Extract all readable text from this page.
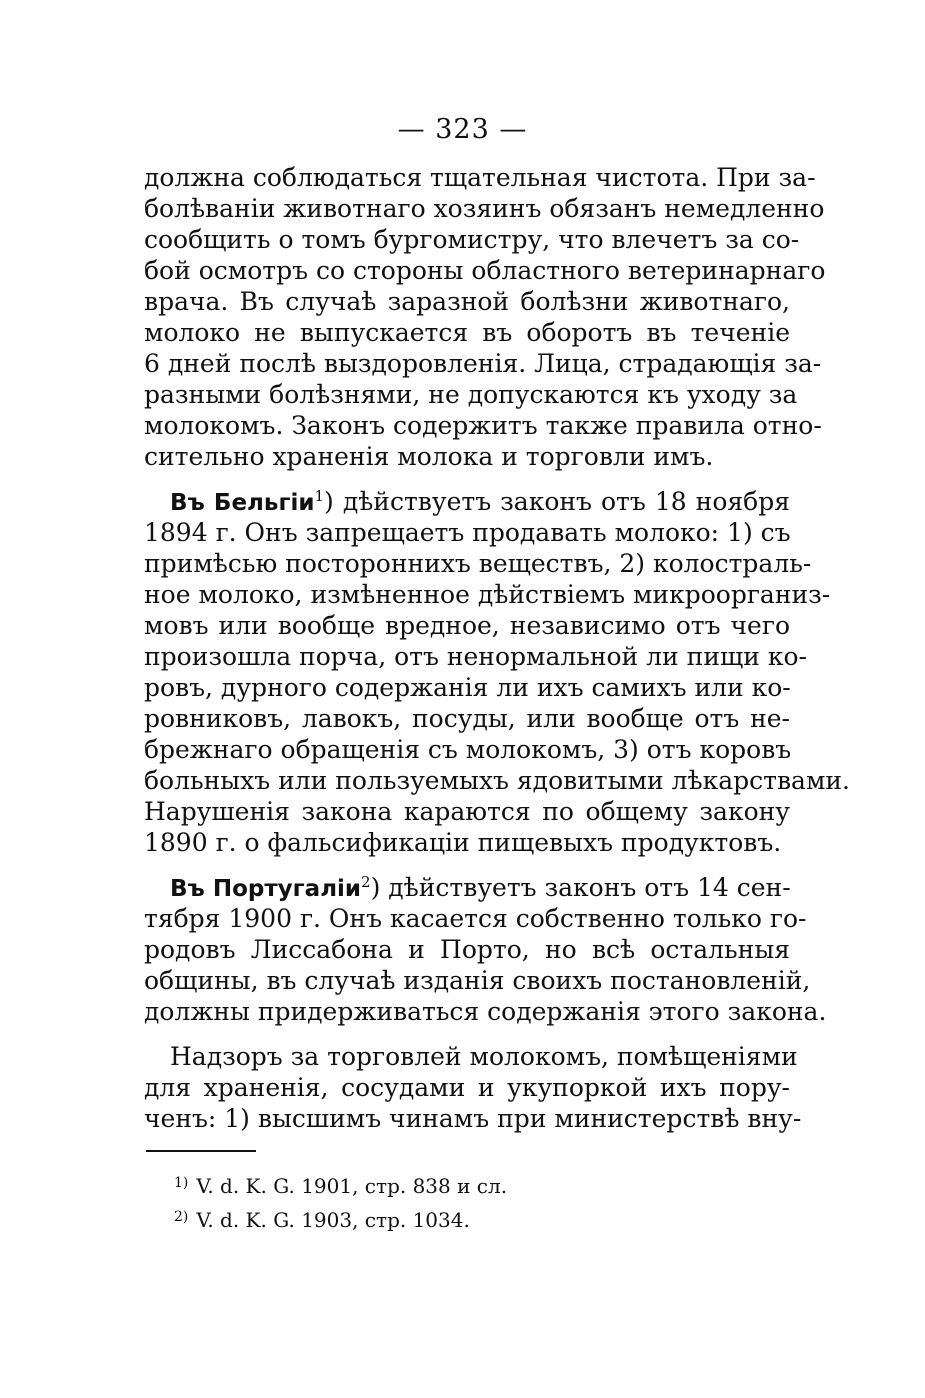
— 323 —
должна соблюдаться тщательная чистота. При за-
болѣванiи животнаго хозяинъ обязанъ немедленно
сообщить о томъ бургомистру, что влечетъ за со-
бой осмотръ со стороны областного ветеринарнаго
врача. Въ случаѣ заразной болѣзни животнаго,
молоко не выпускается въ оборотъ въ теченiе
6 дней послѣ выздоровленiя. Лица, страдающiя за-
разными болѣзнями, не допускаются къ уходу за
молокомъ. Законъ содержитъ также правила отно-
сительно храненiя молока и торговли имъ.
Въ Бельгiи$^1$) дѣйствуетъ законъ отъ 18 ноября
1894 г. Онъ запрещаетъ продавать молоко: 1) съ
примѣсью постороннихъ веществъ, 2) колостраль-
ное молоко, измѣненное дѣйствiемъ микроорганиз-
мовъ или вообще вредное, независимо отъ чего
произошла порча, отъ ненормальной ли пищи ко-
ровъ, дурного содержанiя ли ихъ самихъ или ко-
ровниковъ, лавокъ, посуды, или вообще отъ не-
брежнаго обращенiя съ молокомъ, 3) отъ коровъ
больныхъ или пользуемыхъ ядовитыми лѣкарствами.
Нарушенiя закона караются по общему закону
1890 г. о фальсификацiи пищевыхъ продуктовъ.
Въ Португалiи$^2$) дѣйствуетъ законъ отъ 14 сен-
тября 1900 г. Онъ касается собственно только го-
родовъ Лиссабона и Порто, но всѣ остальныя
общины, въ случаѣ изданiя своихъ постановленiй,
должны придерживаться содержанiя этого закона.
Надзоръ за торговлей молокомъ, помѣщенiями
для храненiя, сосудами и укупоркой ихъ пору-
ченъ: 1) высшимъ чинамъ при министерствѣ вну-
$^{1)}$ V. d. K. G. 1901, стр. 838 и сл.
$^{2)}$ V. d. K. G. 1903, стр. 1034.
